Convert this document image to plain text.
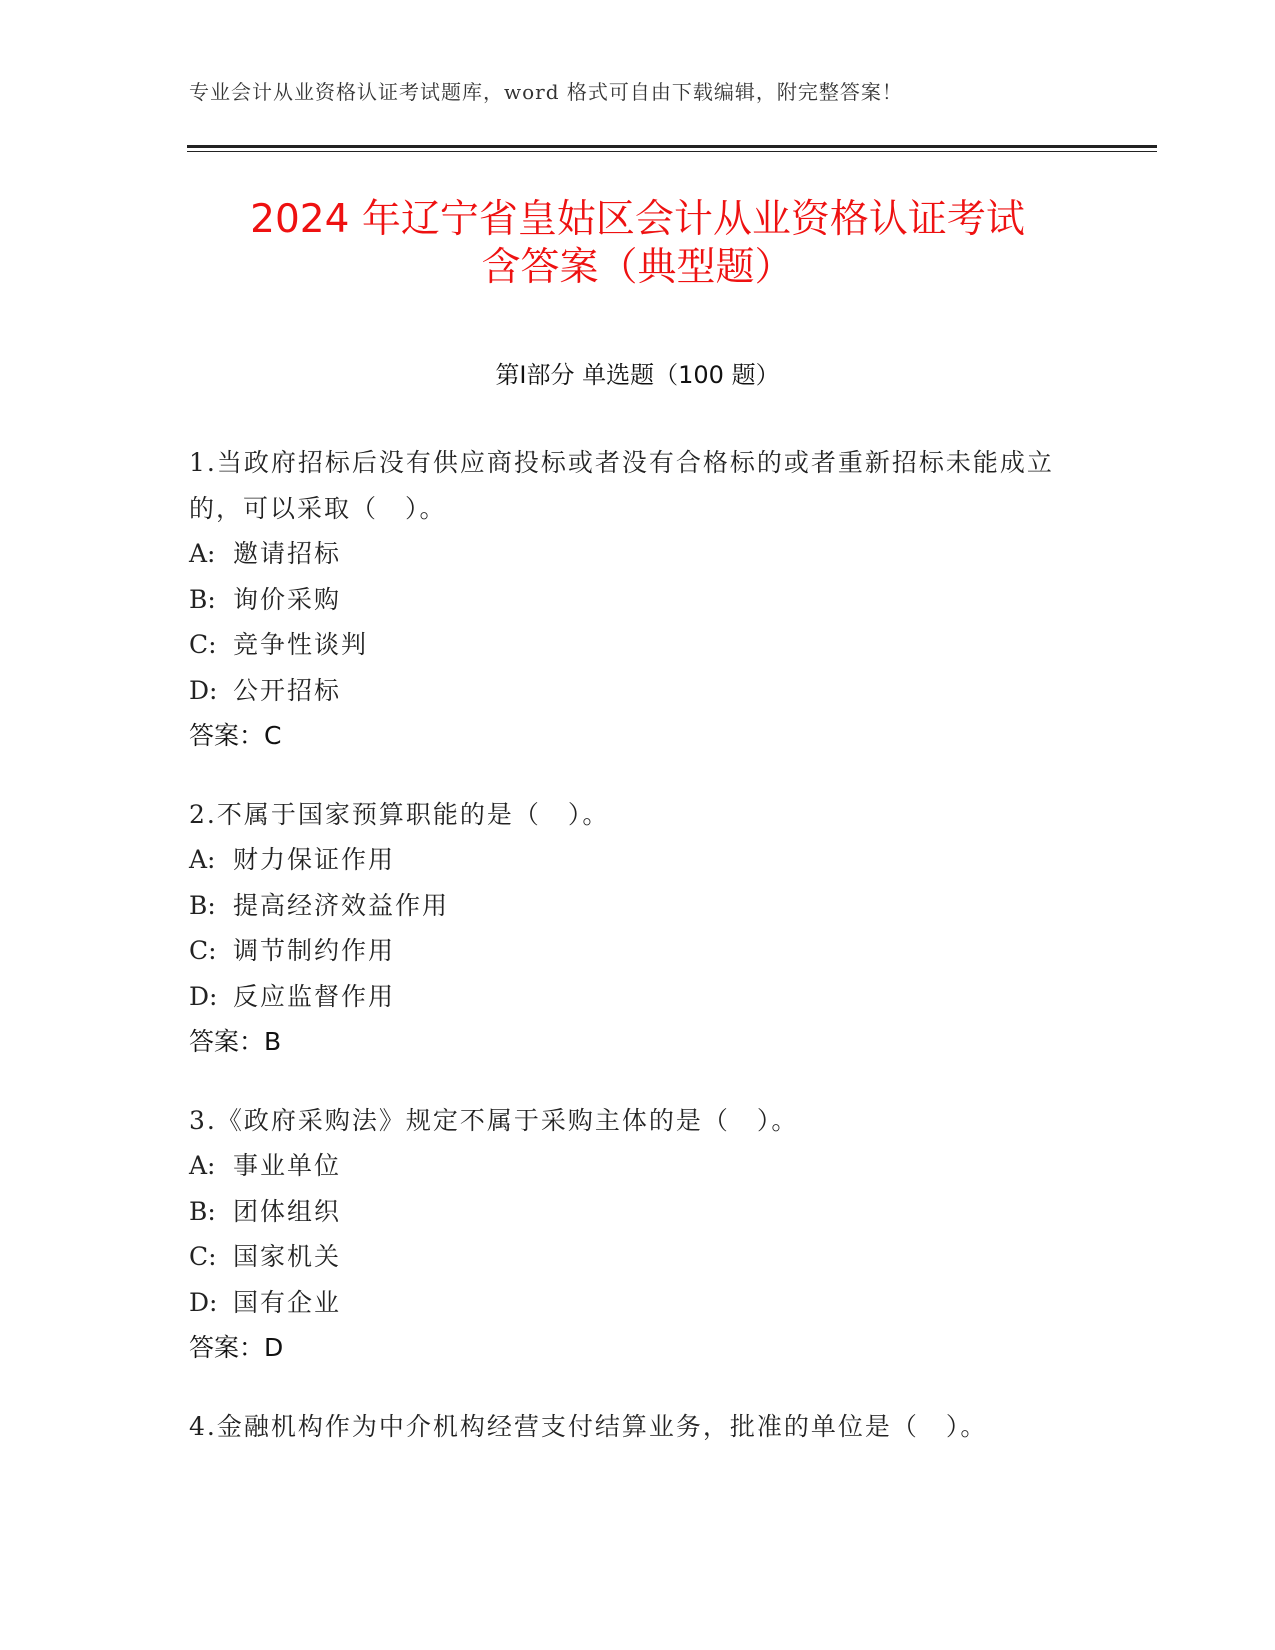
专业会计从业资格认证考试题库，word 格式可自由下载编辑，附完整答案！
2024 年辽宁省皇姑区会计从业资格认证考试
含答案（典型题）
第Ⅰ部分 单选题（100 题）

1.当政府招标后没有供应商投标或者没有合格标的或者重新招标未能成立的，可以采取（　）。

A: 邀请招标

B: 询价采购

C: 竞争性谈判

D: 公开招标

答案：C

2.不属于国家预算职能的是（　）。

A: 财力保证作用

B: 提高经济效益作用

C: 调节制约作用

D: 反应监督作用

答案：B

3.《政府采购法》规定不属于采购主体的是（　）。

A: 事业单位

B: 团体组织

C: 国家机关

D: 国有企业

答案：D

4.金融机构作为中介机构经营支付结算业务，批准的单位是（　）。
